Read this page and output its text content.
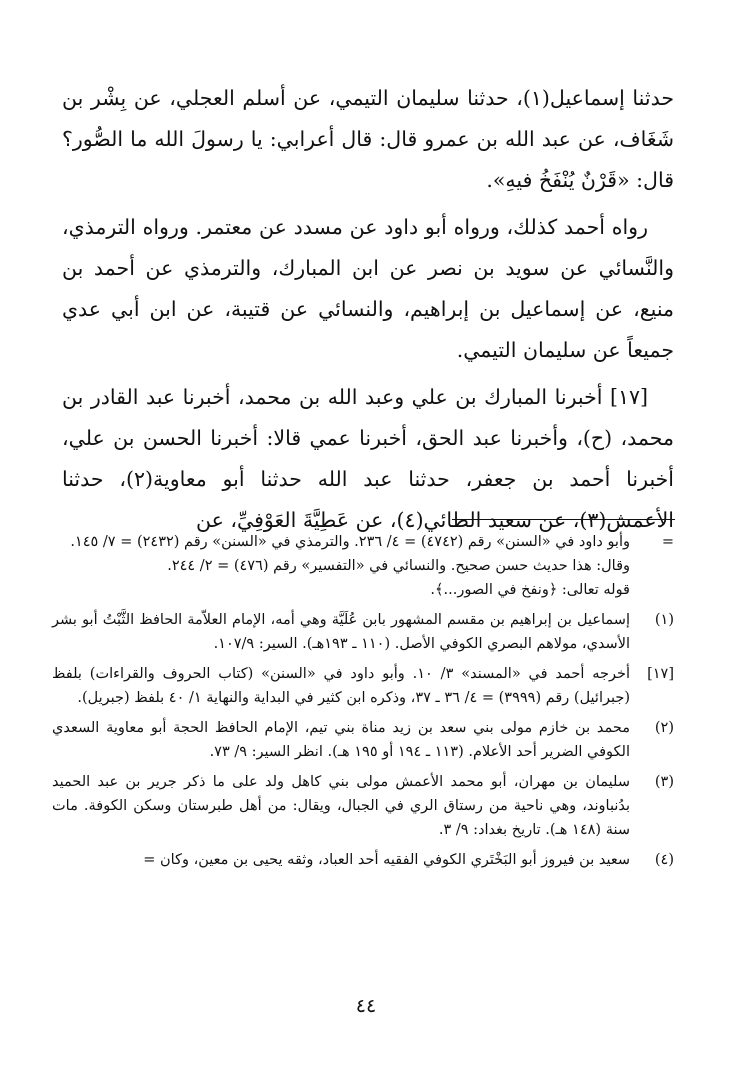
حدثنا إسماعيل(١)، حدثنا سليمان التيمي، عن أسلم العجلي، عن بِشْر بن شَغَاف، عن عبد الله بن عمرو قال: قال أعرابي: يا رسولَ الله ما الصُّور؟ قال: «قَرْنٌ يُنْفَخُ فيهِ».

رواه أحمد كذلك، ورواه أبو داود عن مسدد عن معتمر. ورواه الترمذي، والنَّسائي عن سويد بن نصر عن ابن المبارك، والترمذي عن أحمد بن منيع، عن إسماعيل بن إبراهيم، والنسائي عن قتيبة، عن ابن أبي عدي جميعاً عن سليمان التيمي.

[١٧] أخبرنا المبارك بن علي وعبد الله بن محمد، أخبرنا عبد القادر بن محمد، (ح)، وأخبرنا عبد الحق، أخبرنا عمي قالا: أخبرنا الحسن بن علي، أخبرنا أحمد بن جعفر، حدثنا عبد الله حدثنا أبو معاوية(٢)، حدثنا الأعمش(٣)، عن سعيد الطائي(٤)، عن عَطِيَّةَ العَوْفِيِّ، عن

=
وأبو داود في «السنن» رقم (٤٧٤٢) = ٤/ ٢٣٦. والترمذي في «السنن» رقم (٢٤٣٢) = ٧/ ١٤٥.
وقال: هذا حديث حسن صحيح. والنسائي في «التفسير» رقم (٤٧٦) = ٢/ ٢٤٤.
قوله تعالى: ﴿ونفخ في الصور...﴾.
(١)
إسماعيل بن إبراهيم بن مقسم المشهور بابن عُلَيَّة وهي أمه، الإمام العلاّمة الحافظ الثَّبْتُ أبو بشر الأسدي، مولاهم البصري الكوفي الأصل. (١١٠ ـ ١٩٣هـ). السير: ١٠٧/٩.
[١٧]
أخرجه أحمد في «المسند» ٣/ ١٠. وأبو داود في «السنن» (كتاب الحروف والقراءات) بلفظ (جبرائيل) رقم (٣٩٩٩) = ٤/ ٣٦ ـ ٣٧، وذكره ابن كثير في البداية والنهاية ١/ ٤٠ بلفظ (جبريل).
(٢)
محمد بن خازم مولى بني سعد بن زيد مناة بني تيم، الإمام الحافظ الحجة أبو معاوية السعدي الكوفي الضرير أحد الأعلام. (١١٣ ـ ١٩٤ أو ١٩٥ هـ). انظر السير: ٩/ ٧٣.
(٣)
سليمان بن مهران، أبو محمد الأعمش مولى بني كاهل ولد على ما ذكر جرير بن عبد الحميد بدُنباوند، وهي ناحية من رستاق الري في الجبال، ويقال: من أهل طبرستان وسكن الكوفة. مات سنة (١٤٨ هـ). تاريخ بغداد: ٩/ ٣.
(٤)
سعيد بن فيروز أبو البَخْتَري الكوفي الفقيه أحد العباد، وثقه يحيى بن معين، وكان =
٤٤
